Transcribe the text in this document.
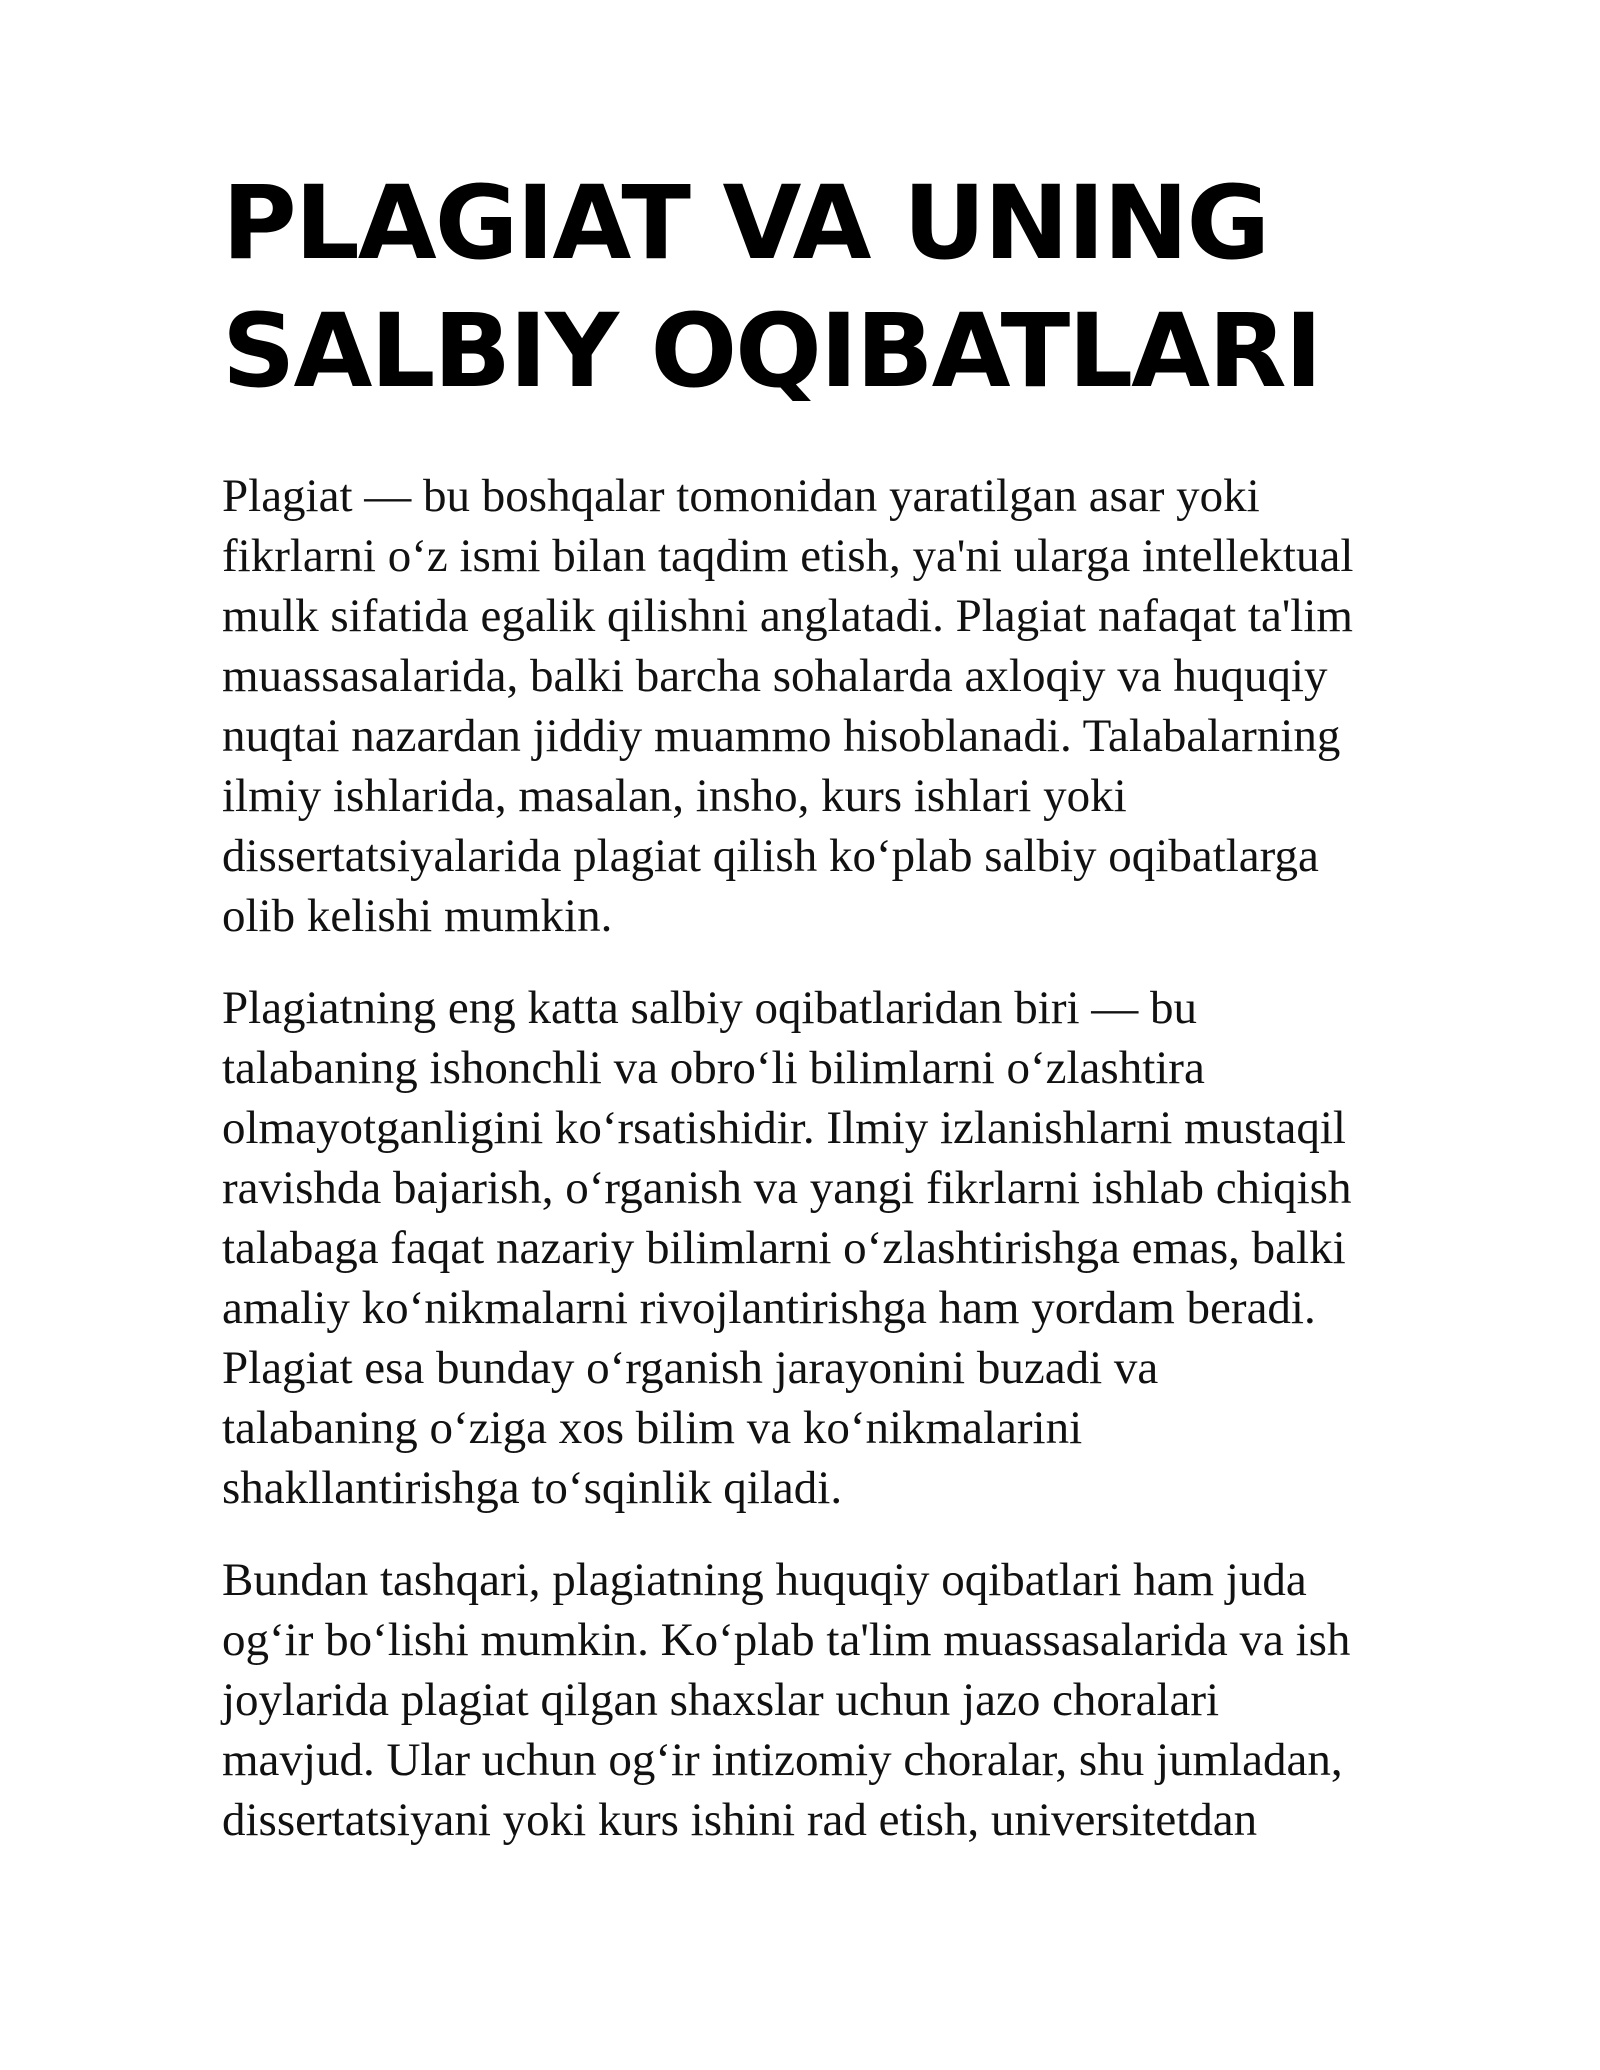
PLAGIAT VA UNING
SALBIY OQIBATLARI

Plagiat — bu boshqalar tomonidan yaratilgan asar yoki
fikrlarni o‘z ismi bilan taqdim etish, ya'ni ularga intellektual
mulk sifatida egalik qilishni anglatadi. Plagiat nafaqat ta'lim
muassasalarida, balki barcha sohalarda axloqiy va huquqiy
nuqtai nazardan jiddiy muammo hisoblanadi. Talabalarning
ilmiy ishlarida, masalan, insho, kurs ishlari yoki
dissertatsiyalarida plagiat qilish ko‘plab salbiy oqibatlarga
olib kelishi mumkin.

Plagiatning eng katta salbiy oqibatlaridan biri — bu
talabaning ishonchli va obro‘li bilimlarni o‘zlashtira
olmayotganligini ko‘rsatishidir. Ilmiy izlanishlarni mustaqil
ravishda bajarish, o‘rganish va yangi fikrlarni ishlab chiqish
talabaga faqat nazariy bilimlarni o‘zlashtirishga emas, balki
amaliy ko‘nikmalarni rivojlantirishga ham yordam beradi.
Plagiat esa bunday o‘rganish jarayonini buzadi va
talabaning o‘ziga xos bilim va ko‘nikmalarini
shakllantirishga to‘sqinlik qiladi.

Bundan tashqari, plagiatning huquqiy oqibatlari ham juda
og‘ir bo‘lishi mumkin. Ko‘plab ta'lim muassasalarida va ish
joylarida plagiat qilgan shaxslar uchun jazo choralari
mavjud. Ular uchun og‘ir intizomiy choralar, shu jumladan,
dissertatsiyani yoki kurs ishini rad etish, universitetdan
